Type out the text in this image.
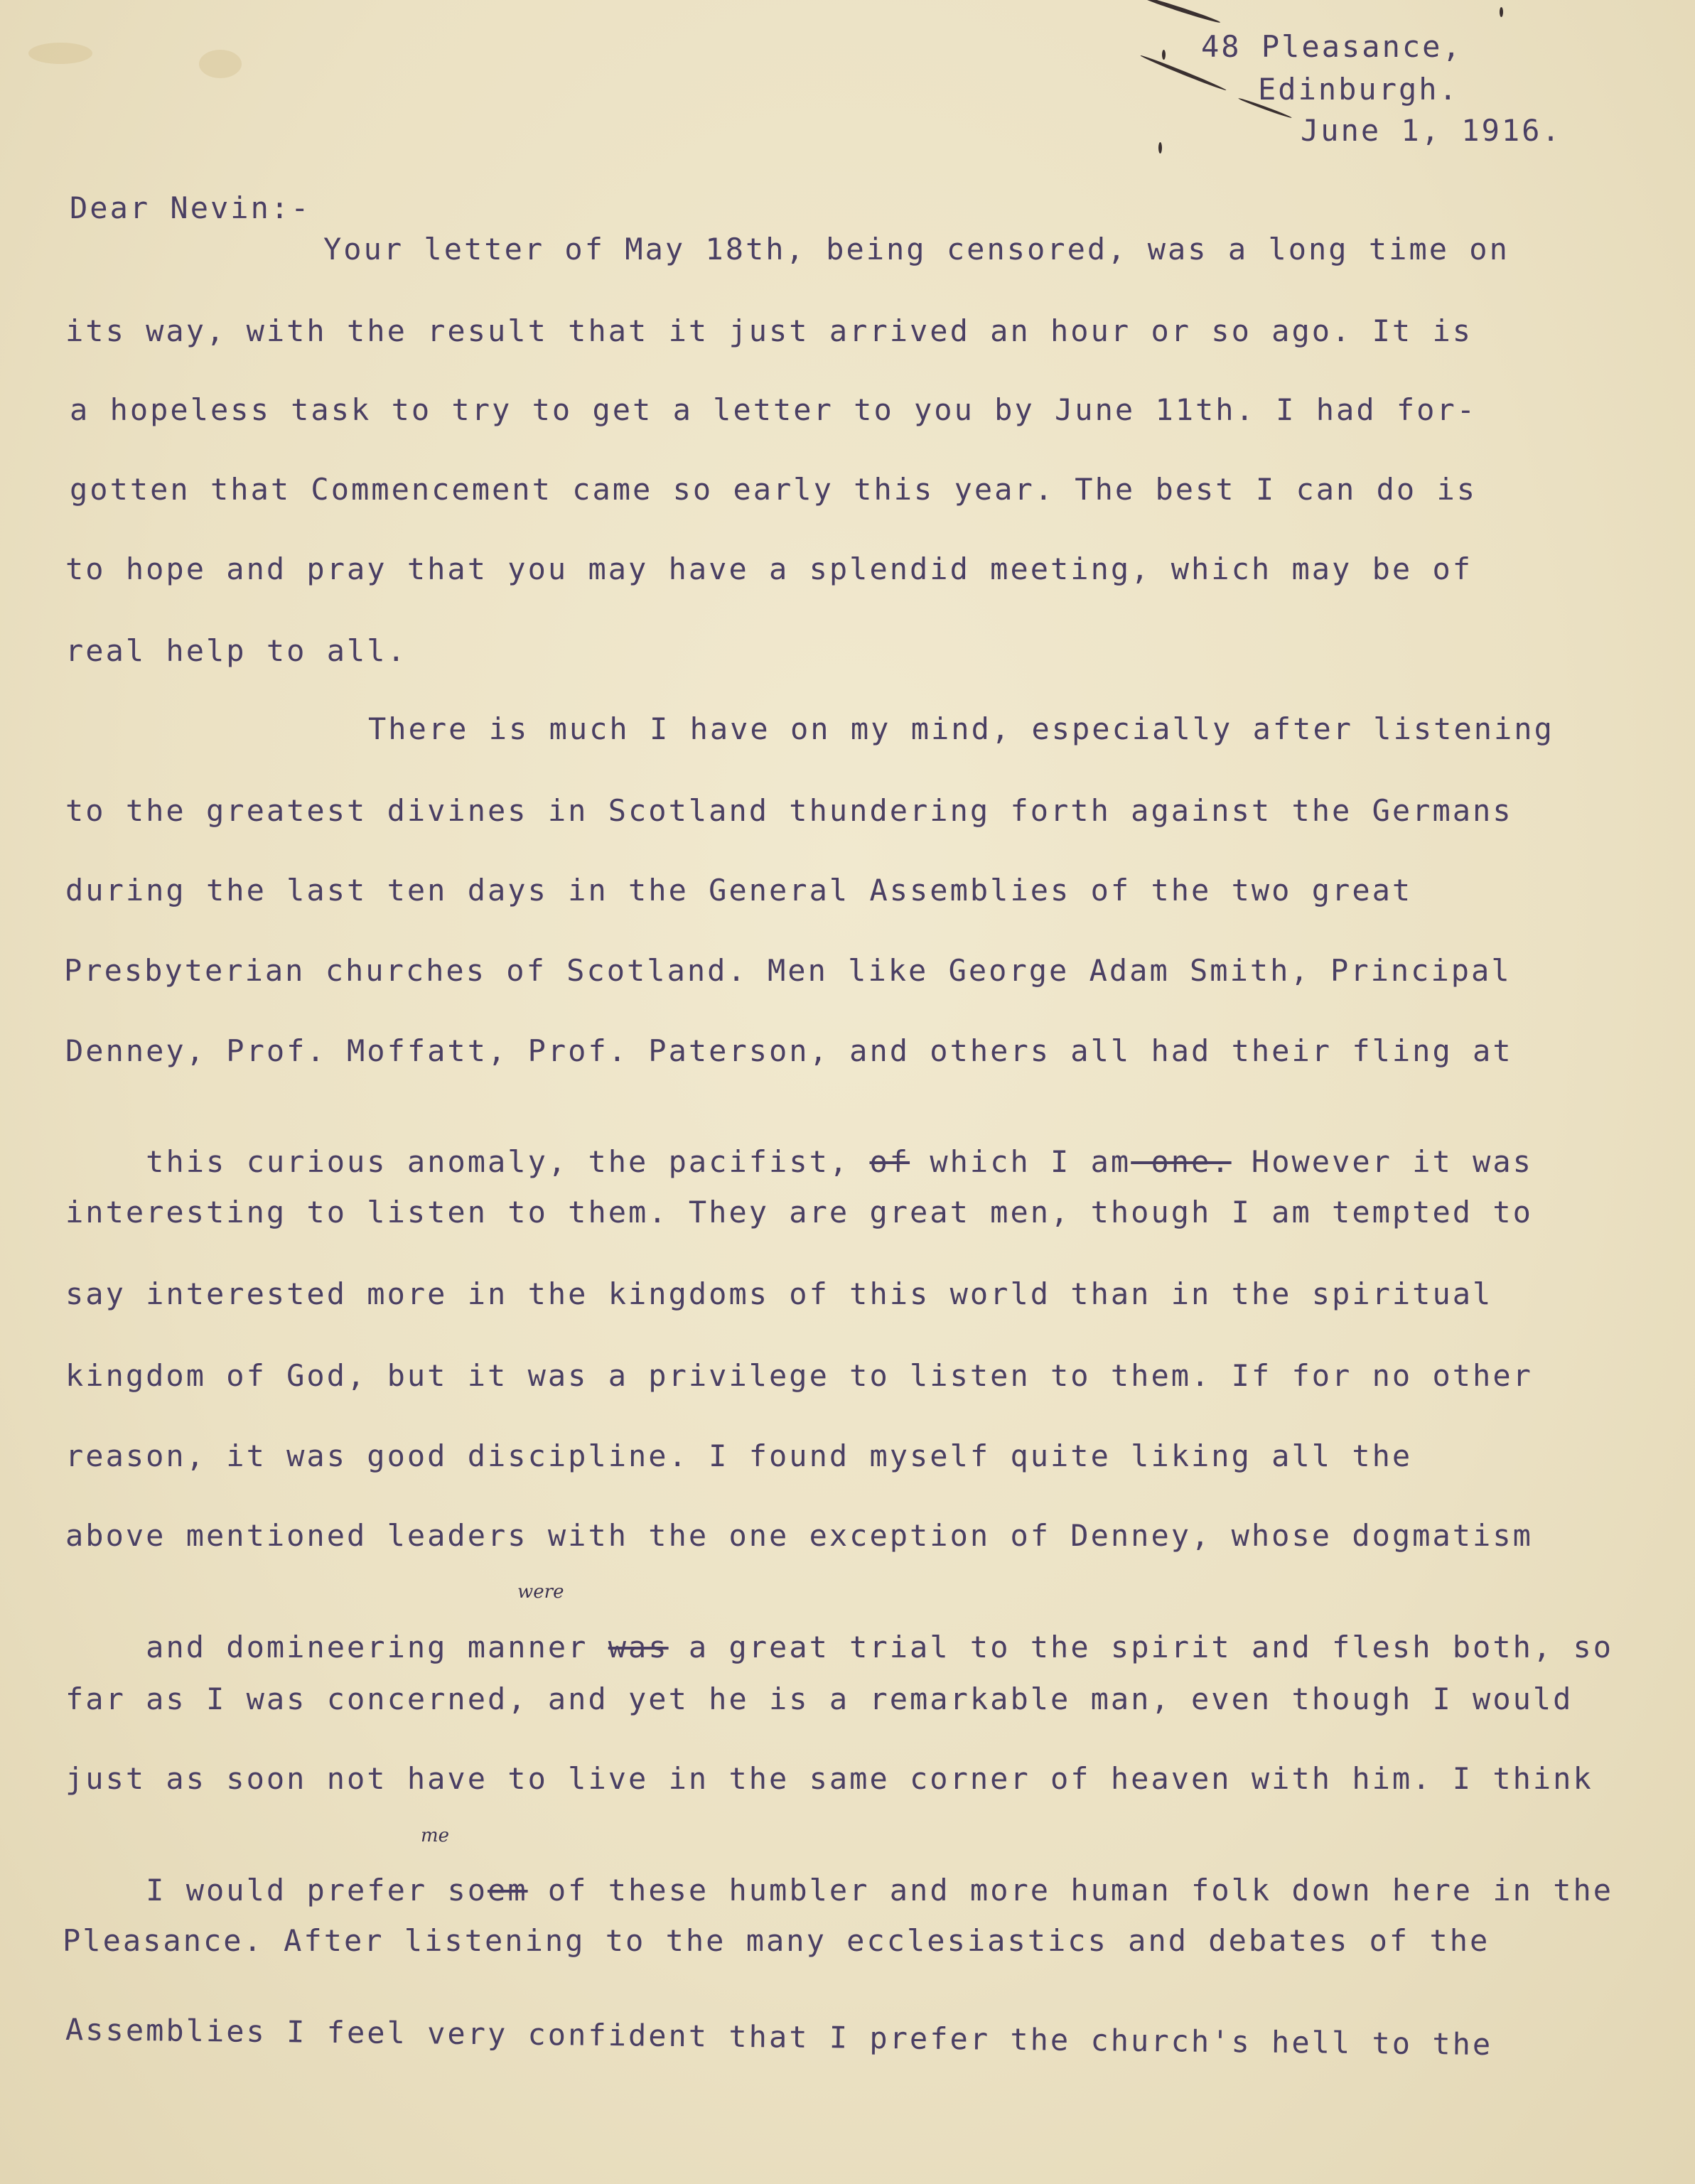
48 Pleasance,
Edinburgh.
June 1, 1916.
Dear Nevin:-
Your letter of May 18th, being censored, was a long time on
its way, with the result that it just arrived an hour or so ago. It is
a hopeless task to try to get a letter to you by June 11th. I had for-
gotten that Commencement came so early this year. The best I can do is
to hope and pray that you may have a splendid meeting, which may be of
real help to all.
There is much I have on my mind, especially after listening
to the greatest divines in Scotland thundering forth against the Germans
during the last ten days in the General Assemblies of the two great
Presbyterian churches of Scotland. Men like George Adam Smith, Principal
Denney, Prof. Moffatt, Prof. Paterson, and others all had their fling at

this curious anomaly, the pacifist, of which I am one. However it was

interesting to listen to them. They are great men, though I am tempted to
say interested more in the kingdoms of this world than in the spiritual
kingdom of God, but it was a privilege to listen to them. If for no other
reason, it was good discipline. I found myself quite liking all the
above mentioned leaders with the one exception of Denney, whose dogmatism
were

and domineering manner was a great trial to the spirit and flesh both, so

far as I was concerned, and yet he is a remarkable man, even though I would
just as soon not have to live in the same corner of heaven with him. I think
me

I would prefer soem of these humbler and more human folk down here in the

Pleasance. After listening to the many ecclesiastics and debates of the
Assemblies I feel very confident that I prefer the church's hell to the
